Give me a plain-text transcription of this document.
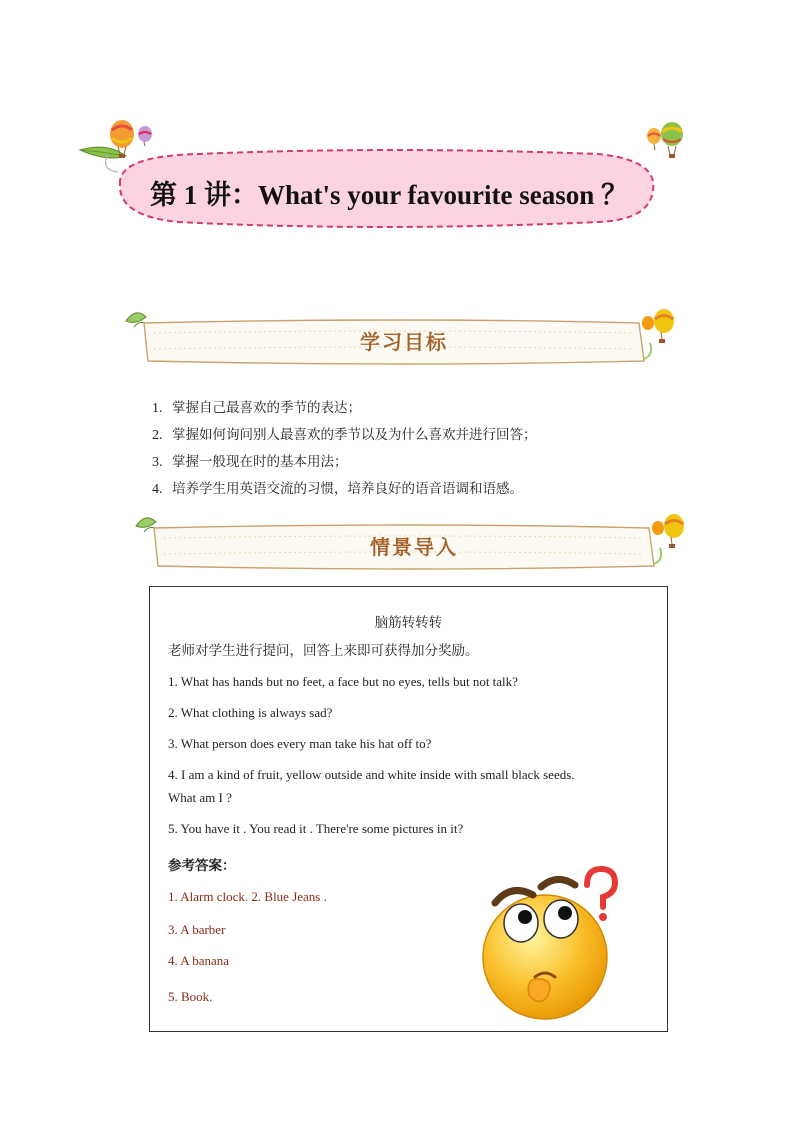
第 1 讲：What's your favourite season ？
学习目标
1. 掌握自己最喜欢的季节的表达；
2. 掌握如何询问别人最喜欢的季节以及为什么喜欢并进行回答；
3. 掌握一般现在时的基本用法；
4. 培养学生用英语交流的习惯，培养良好的语音语调和语感。
情景导入
脑筋转转转
老师对学生进行提问，回答上来即可获得加分奖励。
1. What has hands but no feet, a face but no eyes, tells but not talk?
2. What clothing is always sad?
3. What person does every man take his hat off to?
4. I am a kind of fruit, yellow outside and white inside with small black seeds.
What am I ?
5. You have it . You read it . There're some pictures in it?
参考答案：
1. Alarm clock. 2. Blue Jeans .
3. A barber
4. A banana
5. Book.
